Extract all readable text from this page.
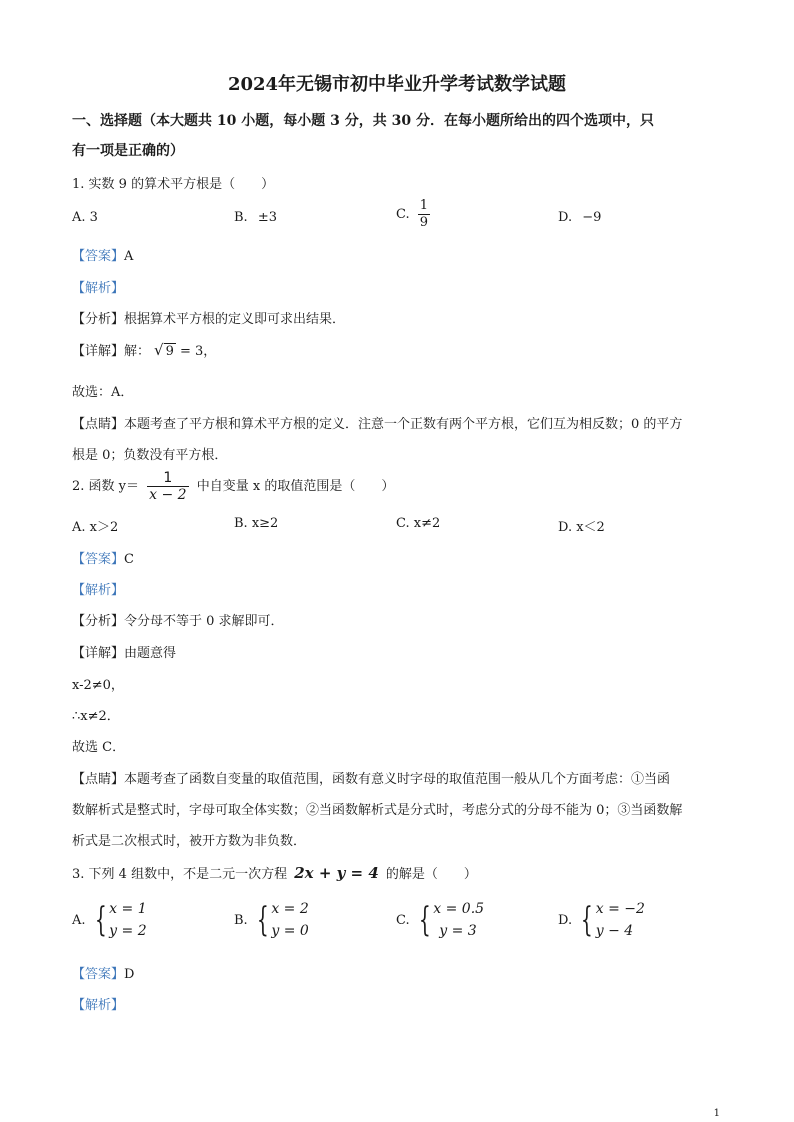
2024年无锡市初中毕业升学考试数学试题
一、选择题（本大题共 10 小题，每小题 3 分，共 30 分．在每小题所给出的四个选项中，只
有一项是正确的）
1. 实数 9 的算术平方根是（　　）
A. 3	B. ±3	C. $\frac{1}{9}$	D. −9
【答案】A
【解析】
【分析】根据算术平方根的定义即可求出结果．
【详解】解： √ 9 = 3，
故选：A．
【点睛】本题考查了平方根和算术平方根的定义．注意一个正数有两个平方根，它们互为相反数；0 的平方
根是 0；负数没有平方根．
2. 函数 $y= \frac{1}{x - 2}$ 中自变量 x 的取值范围是（　　）
A. x＞2	B. x≥2	C. x≠2	D. x＜2
【答案】C
【解析】
【分析】令分母不等于 0 求解即可．
【详解】由题意得
x-2≠0，
∴x≠2．
故选 C．
【点睛】本题考查了函数自变量的取值范围，函数有意义时字母的取值范围一般从几个方面考虑：①当函
数解析式是整式时，字母可取全体实数；②当函数解析式是分式时，考虑分式的分母不能为 0；③当函数解
析式是二次根式时，被开方数为非负数．
3. 下列 4 组数中，不是二元一次方程 2x + y = 4 的解是（　　）
A. { x = 1
y = 2
B. { x = 2
y = 0
C. { x = 0.5
y = 3
D. { x = −2
y − 4
【答案】D
【解析】
1
